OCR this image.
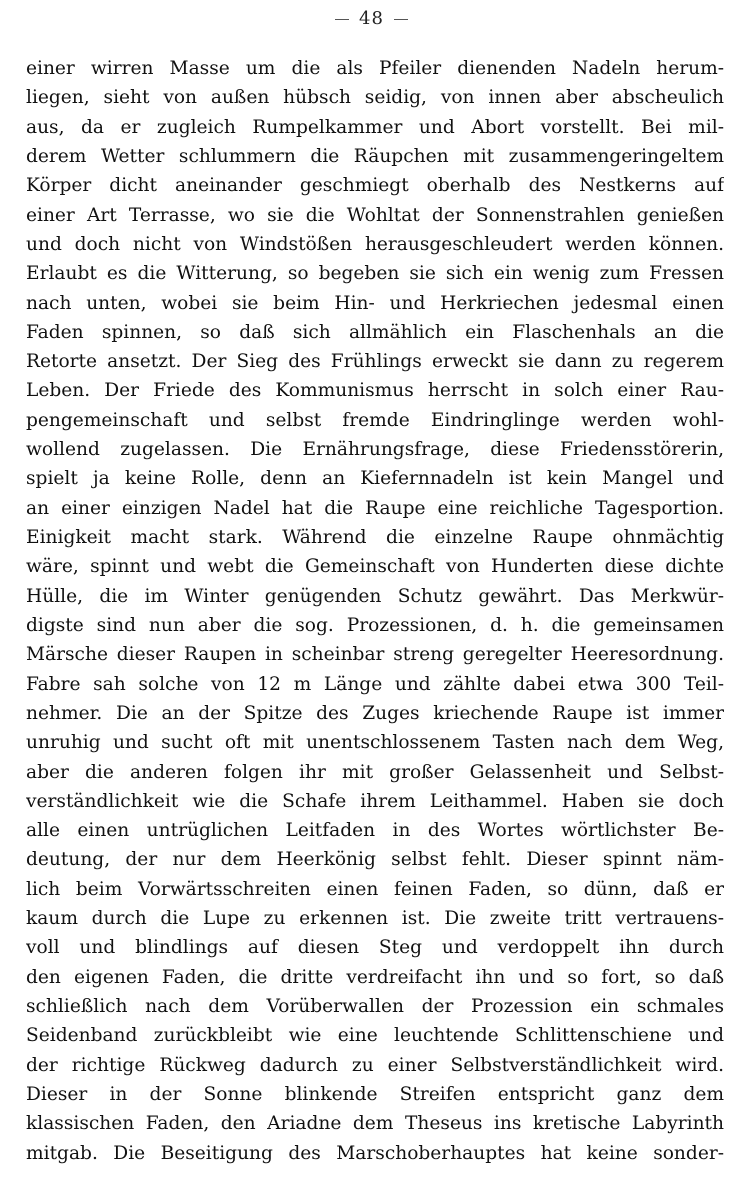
48
einer wirren Masse um die als Pfeiler dienenden Nadeln herum-
liegen, sieht von außen hübsch seidig, von innen aber abscheulich
aus, da er zugleich Rumpelkammer und Abort vorstellt. Bei mil-
derem Wetter schlummern die Räupchen mit zusammengeringeltem
Körper dicht aneinander geschmiegt oberhalb des Nestkerns auf
einer Art Terrasse, wo sie die Wohltat der Sonnenstrahlen genießen
und doch nicht von Windstößen herausgeschleudert werden können.
Erlaubt es die Witterung, so begeben sie sich ein wenig zum Fressen
nach unten, wobei sie beim Hin- und Herkriechen jedesmal einen
Faden spinnen, so daß sich allmählich ein Flaschenhals an die
Retorte ansetzt. Der Sieg des Frühlings erweckt sie dann zu regerem
Leben. Der Friede des Kommunismus herrscht in solch einer Rau-
pengemeinschaft und selbst fremde Eindringlinge werden wohl-
wollend zugelassen. Die Ernährungsfrage, diese Friedensstörerin,
spielt ja keine Rolle, denn an Kiefernnadeln ist kein Mangel und
an einer einzigen Nadel hat die Raupe eine reichliche Tagesportion.
Einigkeit macht stark. Während die einzelne Raupe ohnmächtig
wäre, spinnt und webt die Gemeinschaft von Hunderten diese dichte
Hülle, die im Winter genügenden Schutz gewährt. Das Merkwür-
digste sind nun aber die sog. Prozessionen, d. h. die gemeinsamen
Märsche dieser Raupen in scheinbar streng geregelter Heeresordnung.
Fabre sah solche von 12 m Länge und zählte dabei etwa 300 Teil-
nehmer. Die an der Spitze des Zuges kriechende Raupe ist immer
unruhig und sucht oft mit unentschlossenem Tasten nach dem Weg,
aber die anderen folgen ihr mit großer Gelassenheit und Selbst-
verständlichkeit wie die Schafe ihrem Leithammel. Haben sie doch
alle einen untrüglichen Leitfaden in des Wortes wörtlichster Be-
deutung, der nur dem Heerkönig selbst fehlt. Dieser spinnt näm-
lich beim Vorwärtsschreiten einen feinen Faden, so dünn, daß er
kaum durch die Lupe zu erkennen ist. Die zweite tritt vertrauens-
voll und blindlings auf diesen Steg und verdoppelt ihn durch
den eigenen Faden, die dritte verdreifacht ihn und so fort, so daß
schließlich nach dem Vorüberwallen der Prozession ein schmales
Seidenband zurückbleibt wie eine leuchtende Schlittenschiene und
der richtige Rückweg dadurch zu einer Selbstverständlichkeit wird.
Dieser in der Sonne blinkende Streifen entspricht ganz dem
klassischen Faden, den Ariadne dem Theseus ins kretische Labyrinth
mitgab. Die Beseitigung des Marschoberhauptes hat keine sonder-
